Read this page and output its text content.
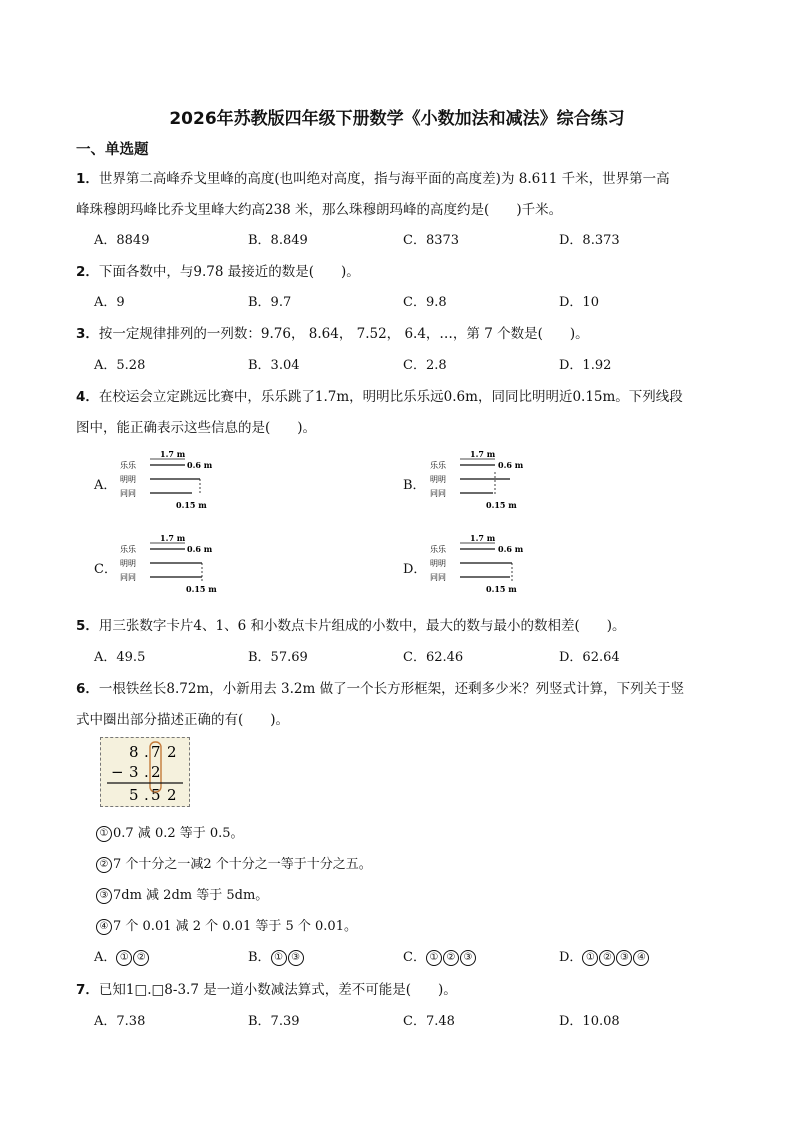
2026年苏教版四年级下册数学《小数加法和减法》综合练习
一、单选题
1．世界第二高峰乔戈里峰的高度(也叫绝对高度，指与海平面的高度差)为 8.611 千米，世界第一高
峰珠穆朗玛峰比乔戈里峰大约高238 米，那么珠穆朗玛峰的高度约是(　　)千米。
A．8849	B．8.849	C．8373	D．8.373
2．下面各数中，与9.78 最接近的数是(　　)。
A．9	B．9.7	C．9.8	D．10
3．按一定规律排列的一列数：9.76， 8.64， 7.52， 6.4，…，第 7 个数是(　　)。
A．5.28	B．3.04	C．2.8	D．1.92
4．在校运会立定跳远比赛中，乐乐跳了1.7m，明明比乐乐远0.6m，同同比明明近0.15m。下列线段
图中，能正确表示这些信息的是(　　)。
A．	B．
C．	D．
乐乐
明明
同同
1.7 m
0.6 m
0.15 m
乐乐
明明
同同
1.7 m
0.6 m
0.15 m
乐乐
明明
同同
1.7 m
0.6 m
0.15 m
乐乐
明明
同同
1.7 m
0.6 m
0.15 m
5．用三张数字卡片4、1、6 和小数点卡片组成的小数中，最大的数与最小的数相差(　　)。
A．49.5	B．57.69	C．62.46	D．62.64
6．一根铁丝长8.72m，小新用去 3.2m 做了一个长方形框架，还剩多少米？列竖式计算，下列关于竖
式中圈出部分描述正确的有(　　)。
8 . 7 2
− 3 . 2
5 . 5 2
① 0.7 减 0.2 等于 0.5。
② 7 个十分之一减2 个十分之一等于十分之五。
③ 7dm 减 2dm 等于 5dm。
④ 7 个 0.01 减 2 个 0.01 等于 5 个 0.01。
A． ① ②	B． ① ③	C． ① ② ③	D． ① ② ③ ④
7．已知1□.□8-3.7 是一道小数减法算式，差不可能是(　　)。
A．7.38	B．7.39	C．7.48	D．10.08
